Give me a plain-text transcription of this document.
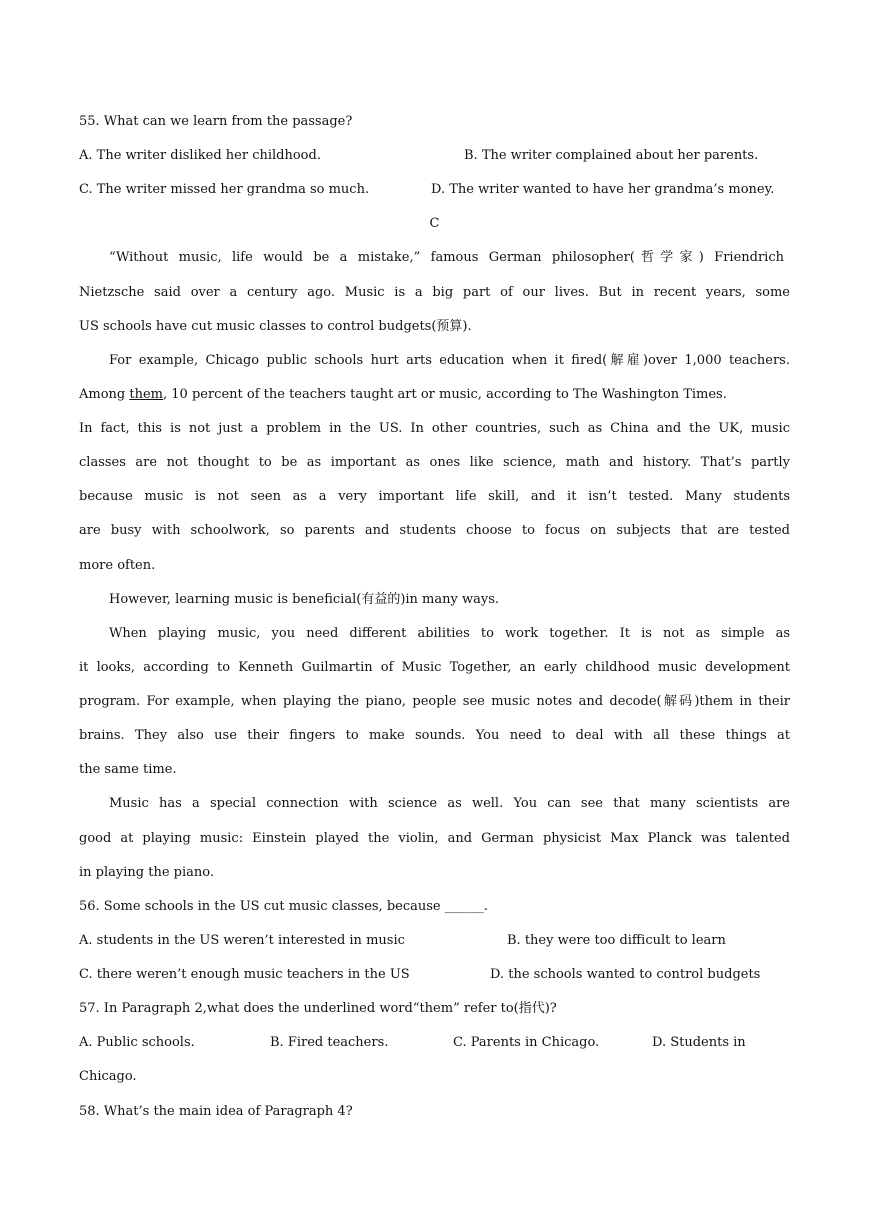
55. What can we learn from the passage?
A. The writer disliked her childhood.	B. The writer complained about her parents.
C. The writer missed her grandma so much.	D. The writer wanted to have her grandma’s money.
C
“Without music, life would be a mistake,” famous German philosopher(哲学家) Friendrich
Nietzsche said over a century ago. Music is a big part of our lives. But in recent years, some
US schools have cut music classes to control budgets(预算).
For example, Chicago public schools hurt arts education when it fired(解雇)over 1,000 teachers.
Among them, 10 percent of the teachers taught art or music, according to The Washington Times.
In fact, this is not just a problem in the US. In other countries, such as China and the UK, music
classes are not thought to be as important as ones like science, math and history. That’s partly
because music is not seen as a very important life skill, and it isn’t tested. Many students
are busy with schoolwork, so parents and students choose to focus on subjects that are tested
more often.
However, learning music is beneficial(有益的)in many ways.
When playing music, you need different abilities to work together. It is not as simple as
it looks, according to Kenneth Guilmartin of Music Together, an early childhood music development
program. For example, when playing the piano, people see music notes and decode(解码)them in their
brains. They also use their fingers to make sounds. You need to deal with all these things at
the same time.
Music has a special connection with science as well. You can see that many scientists are
good at playing music: Einstein played the violin, and German physicist Max Planck was talented
in playing the piano.
56. Some schools in the US cut music classes, because ______.
A. students in the US weren’t interested in music	B. they were too difficult to learn
C. there weren’t enough music teachers in the US	D. the schools wanted to control budgets
57. In Paragraph 2,what does the underlined word“them” refer to(指代)?
A. Public schools.	B. Fired teachers.	C. Parents in Chicago.	D. Students in
Chicago.
58. What’s the main idea of Paragraph 4?
